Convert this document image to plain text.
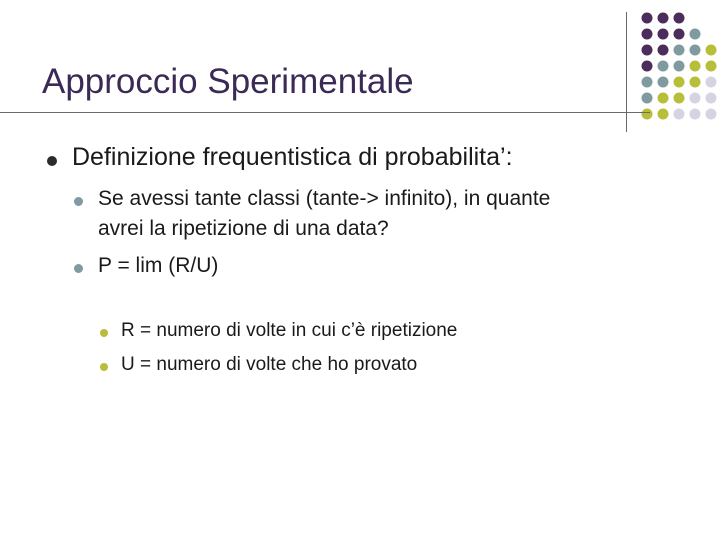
Approccio Sperimentale
Definizione frequentistica di probabilita’:
Se avessi tante classi (tante-> infinito), in quante
avrei la ripetizione di una data?
P = lim (R/U)
R = numero di volte in cui c’è ripetizione
U = numero di volte che ho provato
